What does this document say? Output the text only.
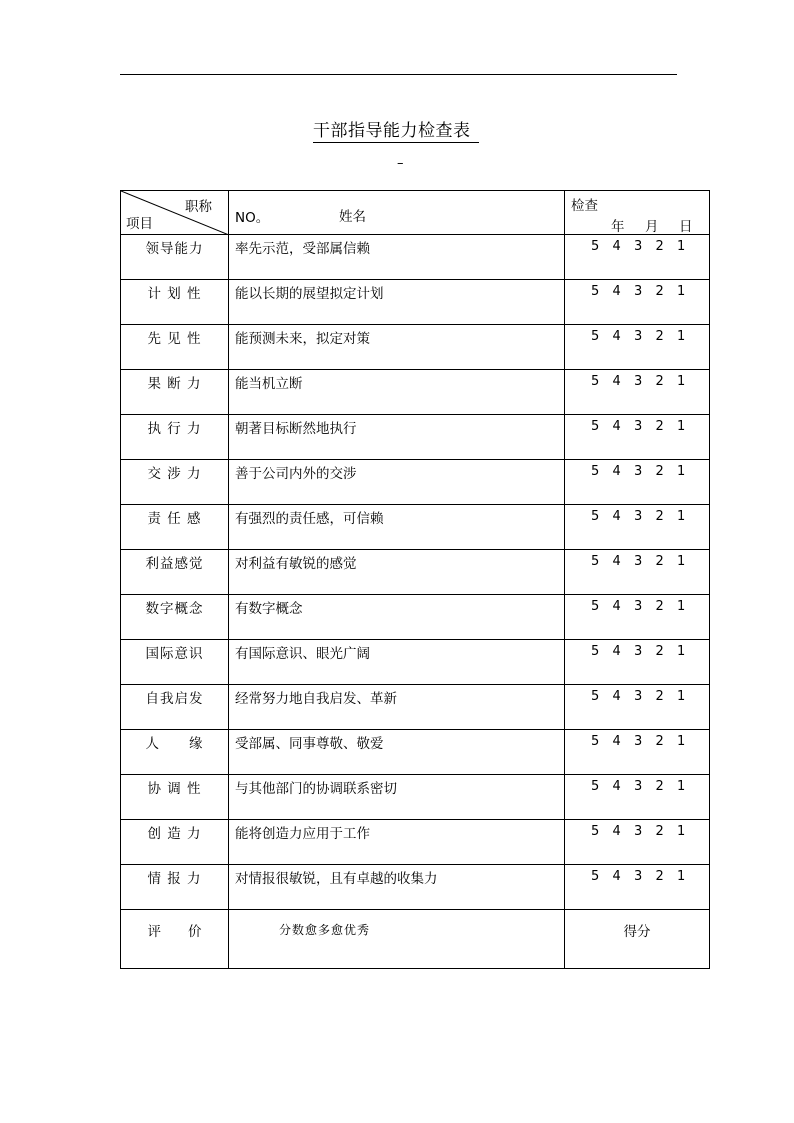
干部指导能力检查表
–
职称
项目	NO。 姓名	检查
年 月 日

领导能力	率先示范，受部属信赖	5 4 3 2 1
计 划 性	能以长期的展望拟定计划	5 4 3 2 1
先 见 性	能预测未来，拟定对策	5 4 3 2 1
果 断 力	能当机立断	5 4 3 2 1
执 行 力	朝著目标断然地执行	5 4 3 2 1
交 涉 力	善于公司内外的交涉	5 4 3 2 1
责 任 感	有强烈的责任感，可信赖	5 4 3 2 1
利益感觉	对利益有敏锐的感觉	5 4 3 2 1
数字概念	有数字概念	5 4 3 2 1
国际意识	有国际意识、眼光广阔	5 4 3 2 1
自我启发	经常努力地自我启发、革新	5 4 3 2 1
人　　缘	受部属、同事尊敬、敬爱	5 4 3 2 1
协 调 性	与其他部门的协调联系密切	5 4 3 2 1
创 造 力	能将创造力应用于工作	5 4 3 2 1
情 报 力	对情报很敏锐，且有卓越的收集力	5 4 3 2 1
评　　价	分数愈多愈优秀	得分
